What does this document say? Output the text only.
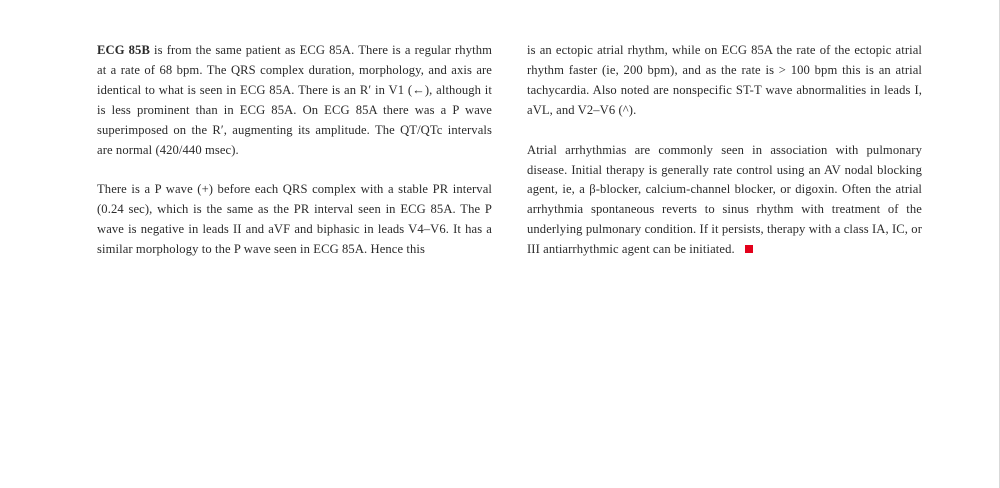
ECG 85B is from the same patient as ECG 85A. There is a regular rhythm at a rate of 68 bpm. The QRS complex duration, morphology, and axis are identical to what is seen in ECG 85A. There is an R′ in V1 (←), although it is less prominent than in ECG 85A. On ECG 85A there was a P wave superimposed on the R′, augmenting its amplitude. The QT/QTc intervals are normal (420/440 msec).

There is a P wave (+) before each QRS complex with a stable PR interval (0.24 sec), which is the same as the PR interval seen in ECG 85A. The P wave is negative in leads II and aVF and biphasic in leads V4–V6. It has a similar morphology to the P wave seen in ECG 85A. Hence this

is an ectopic atrial rhythm, while on ECG 85A the rate of the ectopic atrial rhythm faster (ie, 200 bpm), and as the rate is > 100 bpm this is an atrial tachycardia. Also noted are nonspecific ST-T wave abnormalities in leads I, aVL, and V2–V6 (^).

Atrial arrhythmias are commonly seen in association with pulmonary disease. Initial therapy is generally rate control using an AV nodal blocking agent, ie, a β-blocker, calcium-channel blocker, or digoxin. Often the atrial arrhythmia spontaneous reverts to sinus rhythm with treatment of the underlying pulmonary condition. If it persists, therapy with a class IA, IC, or III antiarrhythmic agent can be initiated.
